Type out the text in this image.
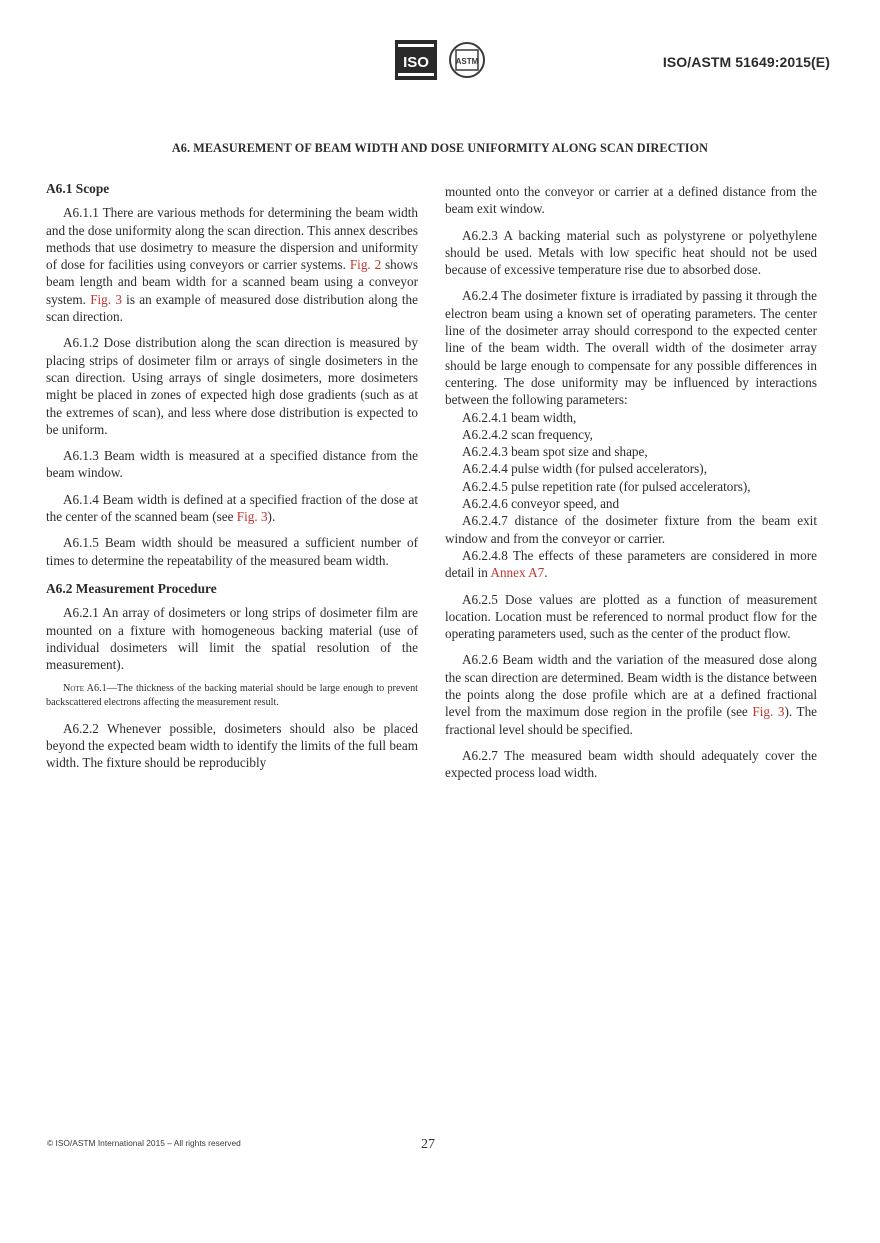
ISO	ASTM	ISO/ASTM 51649:2015(E)
A6. MEASUREMENT OF BEAM WIDTH AND DOSE UNIFORMITY ALONG SCAN DIRECTION
A6.1 Scope

A6.1.1 There are various methods for determining the beam width and the dose uniformity along the scan direction. This annex describes methods that use dosimetry to measure the dispersion and uniformity of dose for facilities using conveyors or carrier systems. Fig. 2 shows beam length and beam width for a scanned beam using a conveyor system. Fig. 3 is an example of measured dose distribution along the scan direction.

A6.1.2 Dose distribution along the scan direction is measured by placing strips of dosimeter film or arrays of single dosimeters in the scan direction. Using arrays of single dosimeters, more dosimeters might be placed in zones of expected high dose gradients (such as at the extremes of scan), and less where dose distribution is expected to be uniform.

A6.1.3 Beam width is measured at a specified distance from the beam window.

A6.1.4 Beam width is defined at a specified fraction of the dose at the center of the scanned beam (see Fig. 3).

A6.1.5 Beam width should be measured a sufficient number of times to determine the repeatability of the measured beam width.

A6.2 Measurement Procedure

A6.2.1 An array of dosimeters or long strips of dosimeter film are mounted on a fixture with homogeneous backing material (use of individual dosimeters will limit the spatial resolution of the measurement).

Note A6.1—The thickness of the backing material should be large enough to prevent backscattered electrons affecting the measurement result.

A6.2.2 Whenever possible, dosimeters should also be placed beyond the expected beam width to identify the limits of the full beam width. The fixture should be reproducibly

mounted onto the conveyor or carrier at a defined distance from the beam exit window.

A6.2.3 A backing material such as polystyrene or polyethylene should be used. Metals with low specific heat should not be used because of excessive temperature rise due to absorbed dose.

A6.2.4 The dosimeter fixture is irradiated by passing it through the electron beam using a known set of operating parameters. The center line of the dosimeter array should correspond to the expected center line of the beam width. The overall width of the dosimeter array should be large enough to compensate for any possible differences in centering. The dose uniformity may be influenced by interactions between the following parameters:

A6.2.4.1 beam width,

A6.2.4.2 scan frequency,

A6.2.4.3 beam spot size and shape,

A6.2.4.4 pulse width (for pulsed accelerators),

A6.2.4.5 pulse repetition rate (for pulsed accelerators),

A6.2.4.6 conveyor speed, and

A6.2.4.7 distance of the dosimeter fixture from the beam exit window and from the conveyor or carrier.

A6.2.4.8 The effects of these parameters are considered in more detail in Annex A7.

A6.2.5 Dose values are plotted as a function of measurement location. Location must be referenced to normal product flow for the operating parameters used, such as the center of the product flow.

A6.2.6 Beam width and the variation of the measured dose along the scan direction are determined. Beam width is the distance between the points along the dose profile which are at a defined fractional level from the maximum dose region in the profile (see Fig. 3). The fractional level should be specified.

A6.2.7 The measured beam width should adequately cover the expected process load width.

© ISO/ASTM International 2015 – All rights reserved	27
